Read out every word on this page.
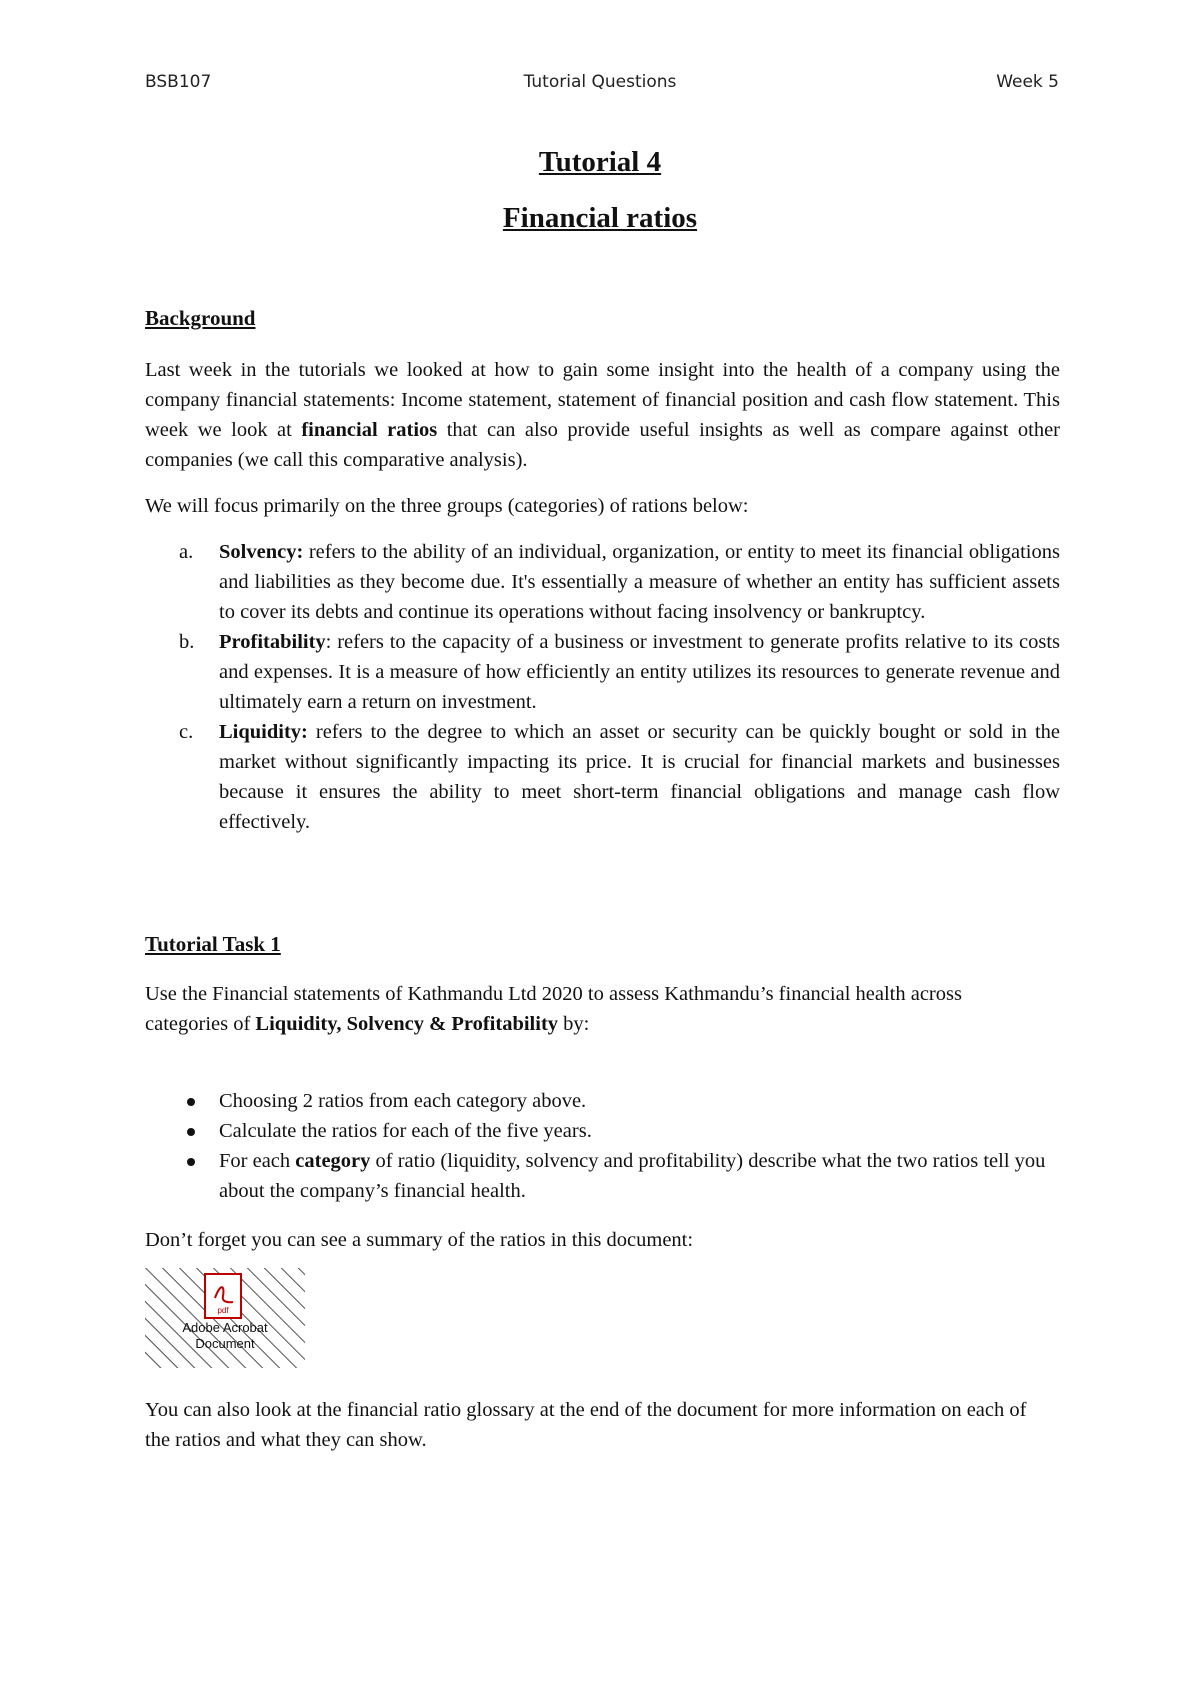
BSB107	Tutorial Questions	Week 5
Tutorial 4
Financial ratios
Background

Last week in the tutorials we looked at how to gain some insight into the health of a company using the company financial statements: Income statement, statement of financial position and cash flow statement. This week we look at financial ratios that can also provide useful insights as well as compare against other companies (we call this comparative analysis).

We will focus primarily on the three groups (categories) of rations below:

a. Solvency: refers to the ability of an individual, organization, or entity to meet its financial obligations and liabilities as they become due. It's essentially a measure of whether an entity has sufficient assets to cover its debts and continue its operations without facing insolvency or bankruptcy.
b. Profitability: refers to the capacity of a business or investment to generate profits relative to its costs and expenses. It is a measure of how efficiently an entity utilizes its resources to generate revenue and ultimately earn a return on investment.
c. Liquidity: refers to the degree to which an asset or security can be quickly bought or sold in the market without significantly impacting its price. It is crucial for financial markets and businesses because it ensures the ability to meet short-term financial obligations and manage cash flow effectively.
Tutorial Task 1

Use the Financial statements of Kathmandu Ltd 2020 to assess Kathmandu’s financial health across categories of Liquidity, Solvency & Profitability by:

Choosing 2 ratios from each category above.
Calculate the ratios for each of the five years.
For each category of ratio (liquidity, solvency and profitability) describe what the two ratios tell you about the company’s financial health.

Don’t forget you can see a summary of the ratios in this document:

pdf
Adobe Acrobat
Document

You can also look at the financial ratio glossary at the end of the document for more information on each of the ratios and what they can show.
